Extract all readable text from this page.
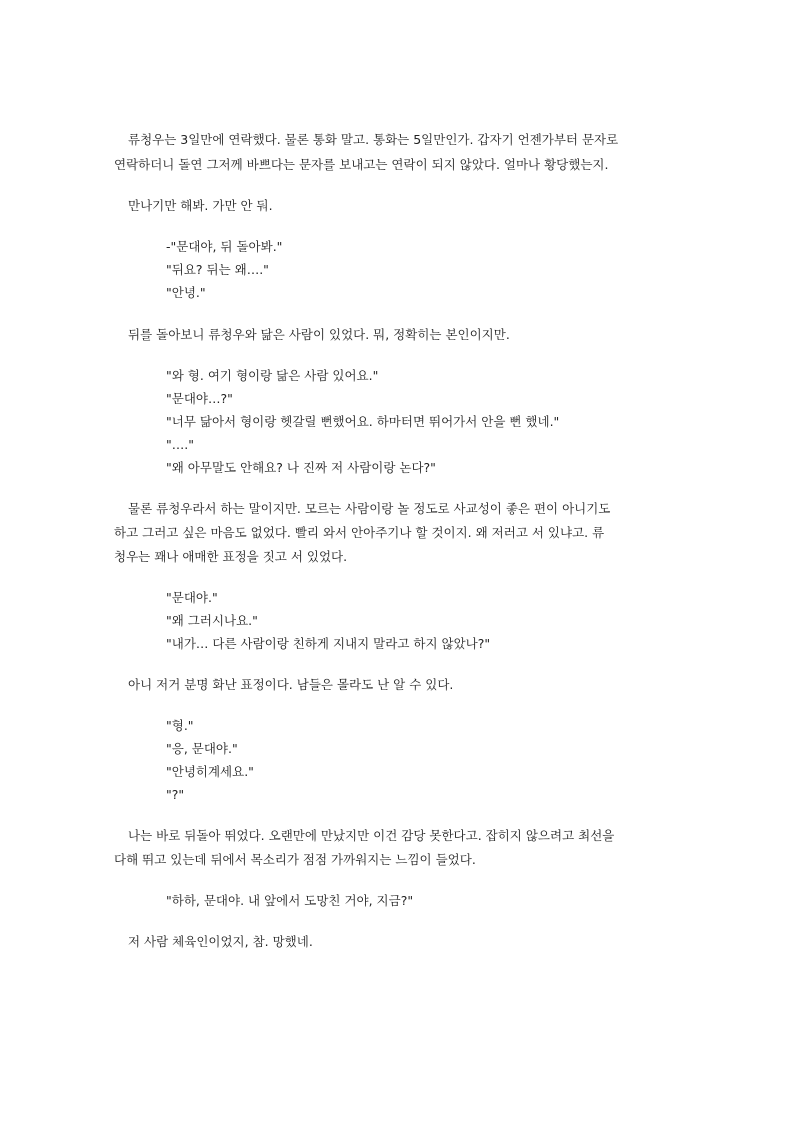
류청우는 3일만에 연락했다. 물론 통화 말고. 통화는 5일만인가. 갑자기 언젠가부터 문자로
연락하더니 돌연 그저께 바쁘다는 문자를 보내고는 연락이 되지 않았다. 얼마나 황당했는지.
만나기만 해봐. 가만 안 둬.
-"문대야, 뒤 돌아봐."
"뒤요? 뒤는 왜…."
"안녕."
뒤를 돌아보니 류청우와 닮은 사람이 있었다. 뭐, 정확히는 본인이지만.
"와 형. 여기 형이랑 닮은 사람 있어요."
"문대야…?"
"너무 닮아서 형이랑 헷갈릴 뻔했어요. 하마터면 뛰어가서 안을 뻔 했네."
"…."
"왜 아무말도 안해요? 나 진짜 저 사람이랑 논다?"
물론 류청우라서 하는 말이지만. 모르는 사람이랑 놀 정도로 사교성이 좋은 편이 아니기도
하고 그러고 싶은 마음도 없었다. 빨리 와서 안아주기나 할 것이지. 왜 저러고 서 있냐고. 류
청우는 꽤나 애매한 표정을 짓고 서 있었다.
"문대야."
"왜 그러시나요."
"내가… 다른 사람이랑 친하게 지내지 말라고 하지 않았나?"
아니 저거 분명 화난 표정이다. 남들은 몰라도 난 알 수 있다.
"형."
"응, 문대야."
"안녕히계세요."
"?"
나는 바로 뒤돌아 뛰었다. 오랜만에 만났지만 이건 감당 못한다고. 잡히지 않으려고 최선을
다해 뛰고 있는데 뒤에서 목소리가 점점 가까워지는 느낌이 들었다.
"하하, 문대야. 내 앞에서 도망친 거야, 지금?"
저 사람 체육인이었지, 참. 망했네.
